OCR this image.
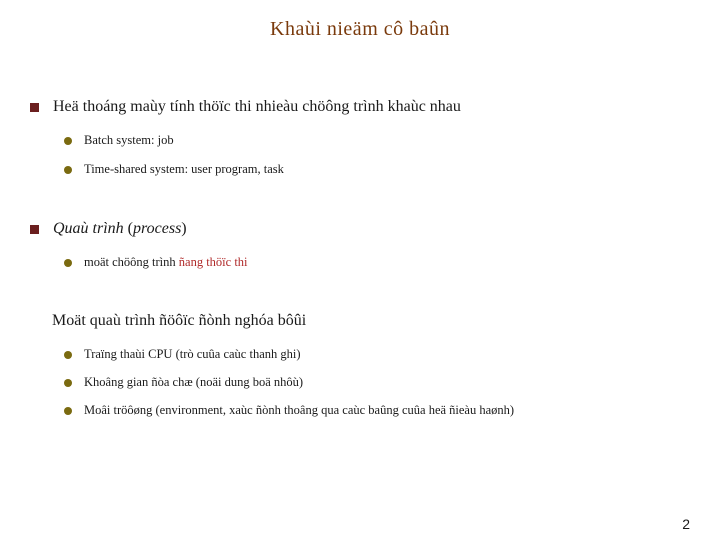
Khaùi nieäm cô baûn
Heä thoáng maùy tính thöïc thi nhieàu chöông trình khaùc nhau
Batch system: job
Time-shared system: user program, task
Quaù trình (process)
moät chöông trình ñang thöïc thi
Moät quaù trình ñöôïc ñònh nghóa bôûi
Traïng thaùi CPU (trò cuûa caùc thanh ghi)
Khoâng gian ñòa chæ (noäi dung boä nhôù)
Moâi tröôøng (environment, xaùc ñònh thoâng qua caùc baûng cuûa heä ñieàu haønh)
2
